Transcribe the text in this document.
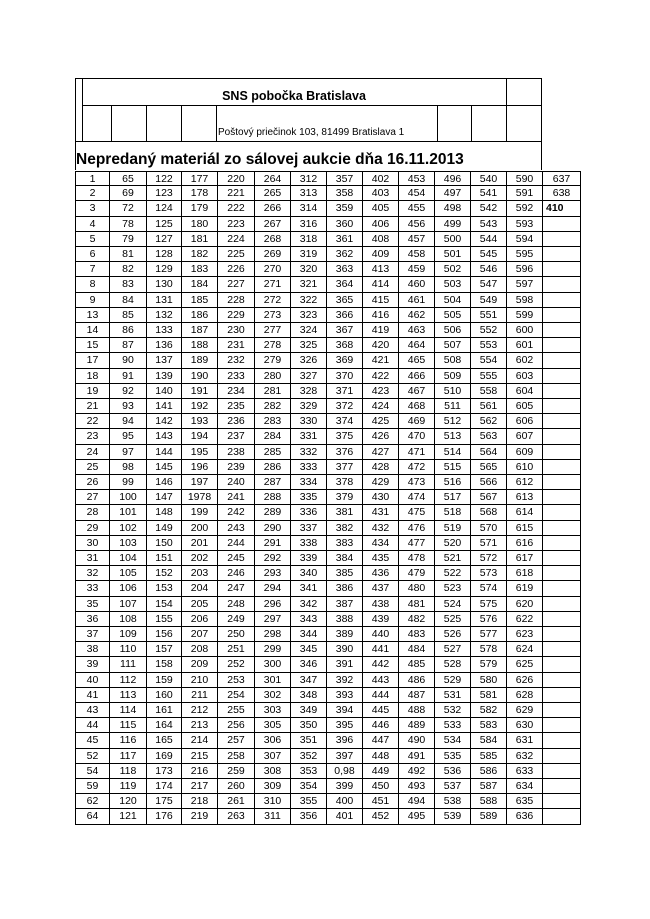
SNS pobočka Bratislava
Poštový priečinok 103, 81499 Bratislava 1
Nepredaný materiál zo sálovej aukcie dňa 16.11.2013
1	65	122	177	220	264	312	357	402	453	496	540	590	637
2	69	123	178	221	265	313	358	403	454	497	541	591	638
3	72	124	179	222	266	314	359	405	455	498	542	592	410
4	78	125	180	223	267	316	360	406	456	499	543	593
5	79	127	181	224	268	318	361	408	457	500	544	594
6	81	128	182	225	269	319	362	409	458	501	545	595
7	82	129	183	226	270	320	363	413	459	502	546	596
8	83	130	184	227	271	321	364	414	460	503	547	597
9	84	131	185	228	272	322	365	415	461	504	549	598
13	85	132	186	229	273	323	366	416	462	505	551	599
14	86	133	187	230	277	324	367	419	463	506	552	600
15	87	136	188	231	278	325	368	420	464	507	553	601
17	90	137	189	232	279	326	369	421	465	508	554	602
18	91	139	190	233	280	327	370	422	466	509	555	603
19	92	140	191	234	281	328	371	423	467	510	558	604
21	93	141	192	235	282	329	372	424	468	511	561	605
22	94	142	193	236	283	330	374	425	469	512	562	606
23	95	143	194	237	284	331	375	426	470	513	563	607
24	97	144	195	238	285	332	376	427	471	514	564	609
25	98	145	196	239	286	333	377	428	472	515	565	610
26	99	146	197	240	287	334	378	429	473	516	566	612
27	100	147	1978	241	288	335	379	430	474	517	567	613
28	101	148	199	242	289	336	381	431	475	518	568	614
29	102	149	200	243	290	337	382	432	476	519	570	615
30	103	150	201	244	291	338	383	434	477	520	571	616
31	104	151	202	245	292	339	384	435	478	521	572	617
32	105	152	203	246	293	340	385	436	479	522	573	618
33	106	153	204	247	294	341	386	437	480	523	574	619
35	107	154	205	248	296	342	387	438	481	524	575	620
36	108	155	206	249	297	343	388	439	482	525	576	622
37	109	156	207	250	298	344	389	440	483	526	577	623
38	110	157	208	251	299	345	390	441	484	527	578	624
39	111	158	209	252	300	346	391	442	485	528	579	625
40	112	159	210	253	301	347	392	443	486	529	580	626
41	113	160	211	254	302	348	393	444	487	531	581	628
43	114	161	212	255	303	349	394	445	488	532	582	629
44	115	164	213	256	305	350	395	446	489	533	583	630
45	116	165	214	257	306	351	396	447	490	534	584	631
52	117	169	215	258	307	352	397	448	491	535	585	632
54	118	173	216	259	308	353	0,98	449	492	536	586	633
59	119	174	217	260	309	354	399	450	493	537	587	634
62	120	175	218	261	310	355	400	451	494	538	588	635
64	121	176	219	263	311	356	401	452	495	539	589	636
